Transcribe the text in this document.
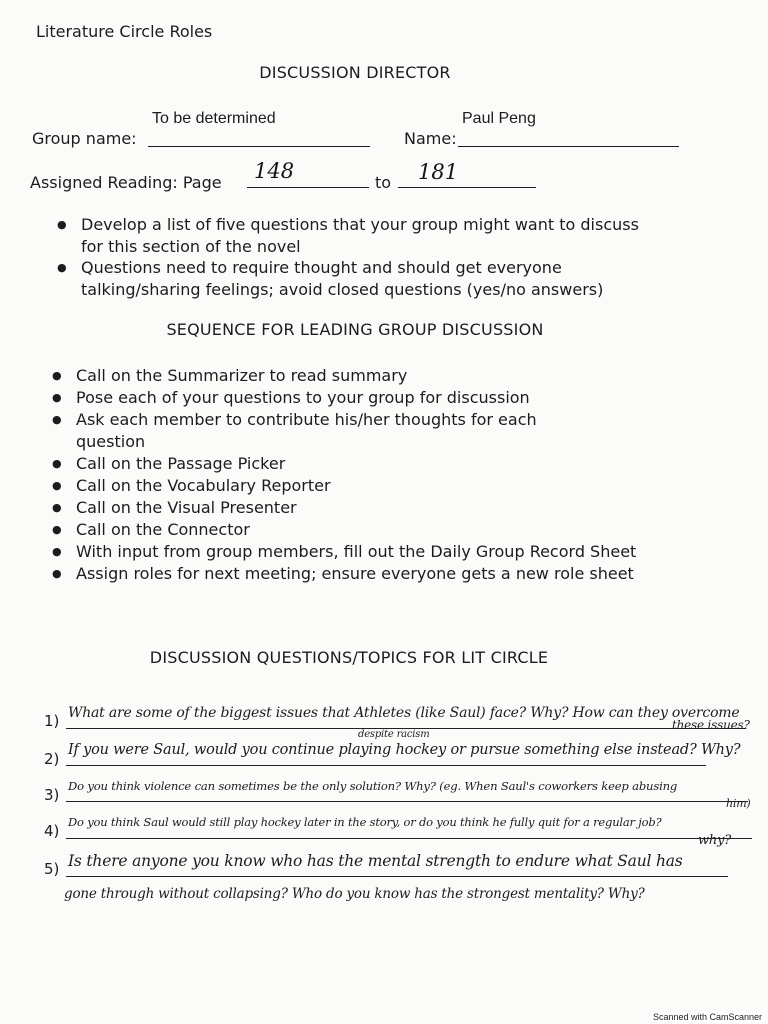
Literature Circle Roles
DISCUSSION DIRECTOR
To be determined	Paul Peng
Group name:	Name:
Assigned Reading: Page 148	to 181
● Develop a list of five questions that your group might want to discuss for this section of the novel
● Questions need to require thought and should get everyone talking/sharing feelings; avoid closed questions (yes/no answers)
SEQUENCE FOR LEADING GROUP DISCUSSION
● Call on the Summarizer to read summary
● Pose each of your questions to your group for discussion
● Ask each member to contribute his/her thoughts for each question
● Call on the Passage Picker
● Call on the Vocabulary Reporter
● Call on the Visual Presenter
● Call on the Connector
● With input from group members, fill out the Daily Group Record Sheet
● Assign roles for next meeting; ensure everyone gets a new role sheet
DISCUSSION QUESTIONS/TOPICS FOR LIT CIRCLE
1) What are some of the biggest issues that Athletes (like Saul) face? Why? How can they overcome
these issues?
despite racism
2) If you were Saul, would you continue playing hockey or pursue something else instead? Why?
3) Do you think violence can sometimes be the only solution? Why? (eg. When Saul's coworkers keep abusing
him)
4) Do you think Saul would still play hockey later in the story, or do you think he fully quit for a regular job?
why?
5) Is there anyone you know who has the mental strength to endure what Saul has
gone through without collapsing? Who do you know has the strongest mentality? Why?
Scanned with CamScanner
